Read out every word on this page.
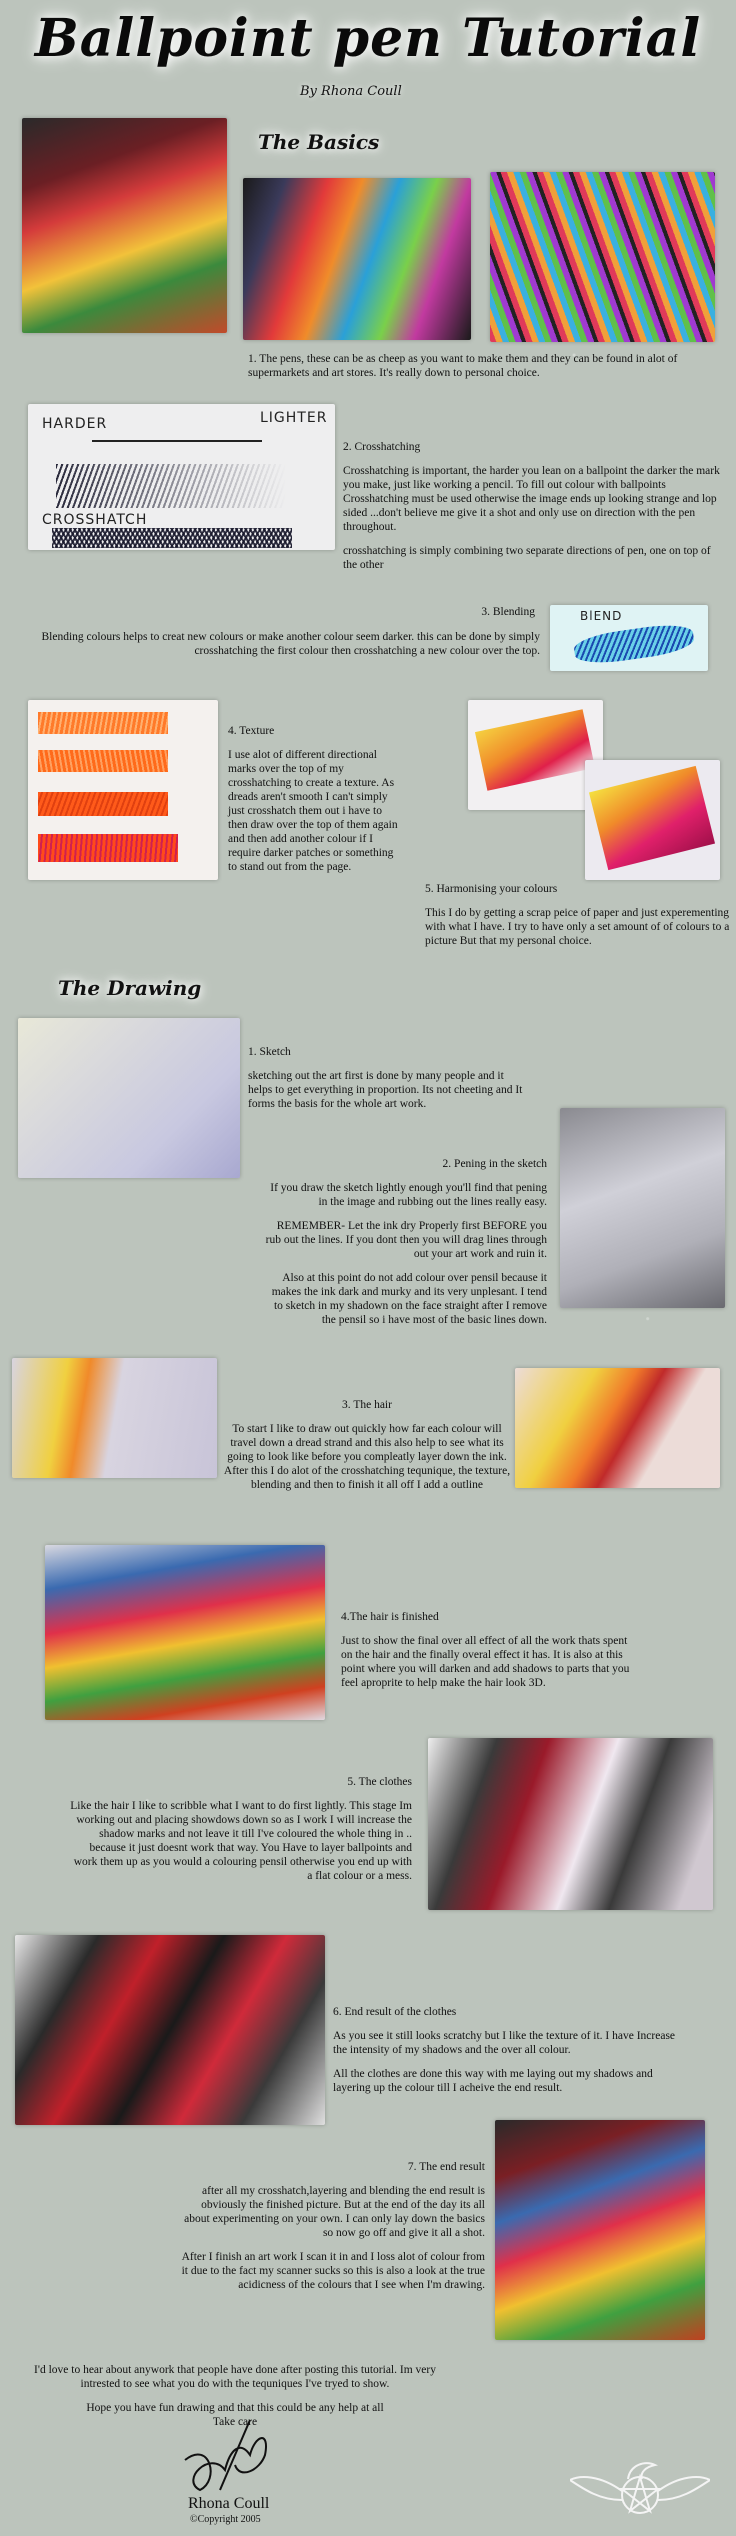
Ballpoint pen Tutorial
By Rhona Coull
The Basics
1. The pens, these can be as cheep as you want to make them and they can be found in alot of supermarkets and art stores. It's really down to personal choice.
HARDER	LIGHTER
CROSSHATCH

2. Crosshatching

Crosshatching is important, the harder you lean on a ballpoint the darker the mark you make, just like working a pencil. To fill out colour with ballpoints Crosshatching must be used otherwise the image ends up looking strange and lop sided ...don't believe me give it a shot and only use on direction with the pen throughout.

crosshatching is simply combining two separate directions of pen, one on top of the other

3. Blending	BlEND
Blending colours helps to creat new colours or make another colour seem darker. this can be done by simply crosshatching the first colour then crosshatching a new colour over the top.

4. Texture

I use alot of different directional marks over the top of my crosshatching to create a texture. As dreads aren't smooth I can't simply just crosshatch them out i have to then draw over the top of them again and then add another colour if I require darker patches or something to stand out from the page.

5. Harmonising your colours

This I do by getting a scrap peice of paper and just experementing with what I have. I try to have only a set amount of of colours to a picture But that my personal choice.

The Drawing

1. Sketch

sketching out the art first is done by many people and it helps to get everything in proportion. Its not cheeting and It forms the basis for the whole art work.

2. Pening in the sketch

If you draw the sketch lightly enough you'll find that pening in the image and rubbing out the lines really easy.

REMEMBER- Let the ink dry Properly first BEFORE you rub out the lines. If you dont then you will drag lines through out your art work and ruin it.

Also at this point do not add colour over pensil because it makes the ink dark and murky and its very unplesant. I tend to sketch in my shadown on the face straight after I remove the pensil so i have most of the basic lines down.

3. The hair

To start I like to draw out quickly how far each colour will travel down a dread strand and this also help to see what its going to look like before you compleatly layer down the ink. After this I do alot of the crosshatching tequnique, the texture, blending and then to finish it all off I add a outline

4.The hair is finished

Just to show the final over all effect of all the work thats spent on the hair and the finally overal effect it has. It is also at this point where you will darken and add shadows to parts that you feel aproprite to help make the hair look 3D.

5. The clothes

Like the hair I like to scribble what I want to do first lightly. This stage Im working out and placing showdows down so as I work I will increase the shadow marks and not leave it till I've coloured the whole thing in .. because it just doesnt work that way. You Have to layer ballpoints and work them up as you would a colouring pensil otherwise you end up with a flat colour or a mess.

6. End result of the clothes

As you see it still looks scratchy but I like the texture of it. I have Increase the intensity of my shadows and the over all colour.

All the clothes are done this way with me laying out my shadows and layering up the colour till I acheive the end result.

7. The end result

after all my crosshatch,layering and blending the end result is obviously the finished picture. But at the end of the day its all about experimenting on your own. I can only lay down the basics so now go off and give it all a shot.

After I finish an art work I scan it in and I loss alot of colour from it due to the fact my scanner sucks so this is also a look at the true acidicness of the colours that I see when I'm drawing.

I'd love to hear about anywork that people have done after posting this tutorial. Im very intrested to see what you do with the tequniques I've tryed to show.

Hope you have fun drawing and that this could be any help at all

Take care

Rhona Coull
©Copyright 2005
